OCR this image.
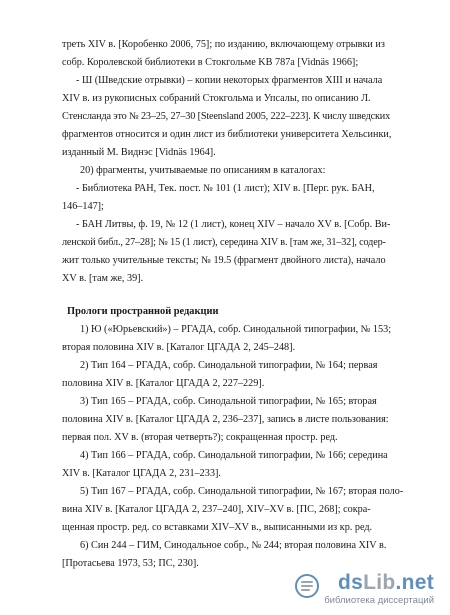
треть XIV в. [Коробенко 2006, 75]; по изданию, включающему отрывки из
собр. Королевской библиотеки в Стокгольме KB 787a [Vidnäs 1966];
- Ш (Шведские отрывки) – копии некоторых фрагментов XIII и начала
XIV в. из рукописных собраний Стокгольма и Упсалы, по описанию Л.
Стенсланда это № 23–25, 27–30 [Steensland 2005, 222–223]. К числу шведских
фрагментов относится и один лист из библиотеки университета Хельсинки,
изданный М. Виднэс [Vidnäs 1964].
20) фрагменты, учитываемые по описаниям в каталогах:
- Библиотека РАН, Тек. пост. № 101 (1 лист); XIV в. [Перг. рук. БАН,
146–147];
- БАН Литвы, ф. 19, № 12 (1 лист), конец XIV – начало XV в. [Собр. Ви-
ленской библ., 27–28]; № 15 (1 лист), середина XIV в. [там же, 31–32], содер-
жит только учительные тексты; № 19.5 (фрагмент двойного листа), начало
XV в. [там же, 39].
Прологи пространной редакции
1) Ю («Юрьевский») – РГАДА, собр. Синодальной типографии, № 153;
вторая половина XIV в. [Каталог ЦГАДА 2, 245–248].
2) Тип 164 – РГАДА, собр. Синодальной типографии, № 164; первая
половина XIV в. [Каталог ЦГАДА 2, 227–229].
3) Тип 165 – РГАДА, собр. Синодальной типографии, № 165; вторая
половина XIV в. [Каталог ЦГАДА 2, 236–237], запись в листе пользования:
первая пол. XV в. (вторая четверть?); сокращенная простр. ред.
4) Тип 166 – РГАДА, собр. Синодальной типографии, № 166; середина
XIV в. [Каталог ЦГАДА 2, 231–233].
5) Тип 167 – РГАДА, собр. Синодальной типографии, № 167; вторая поло-
вина XIV в. [Каталог ЦГАДА 2, 237–240], XIV–XV в. [ПС, 268]; сокра-
щенная простр. ред. со вставками XIV–XV в., выписанными из кр. ред.
6) Син 244 – ГИМ, Синодальное собр., № 244; вторая половина XIV в.
[Протасьева 1973, 53; ПС, 230].
dsLib.net
библиотека диссертаций
